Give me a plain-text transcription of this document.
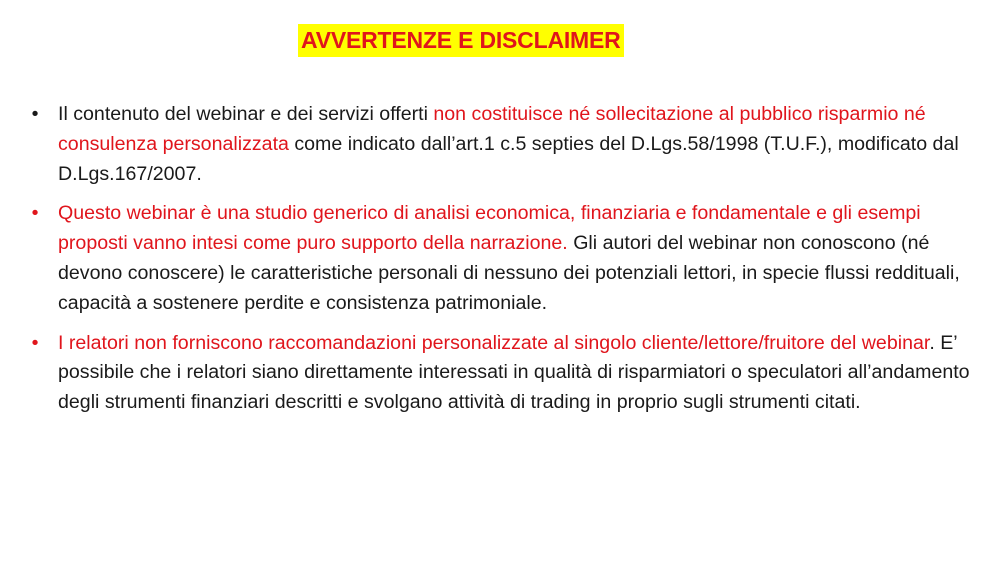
AVVERTENZE E DISCLAIMER
• Il contenuto del webinar e dei servizi offerti non costituisce né sollecitazione al pubblico risparmio né consulenza personalizzata come indicato dall’art.1 c.5 septies del D.Lgs.58/1998 (T.U.F.), modificato dal D.Lgs.167/2007.
• Questo webinar è una studio generico di analisi economica, finanziaria e fondamentale e gli esempi proposti vanno intesi come puro supporto della narrazione. Gli autori del webinar non conoscono (né devono conoscere) le caratteristiche personali di nessuno dei potenziali lettori, in specie flussi reddituali, capacità a sostenere perdite e consistenza patrimoniale.
• I relatori non forniscono raccomandazioni personalizzate al singolo cliente/lettore/fruitore del webinar. E’ possibile che i relatori siano direttamente interessati in qualità di risparmiatori o speculatori all’andamento degli strumenti finanziari descritti e svolgano attività di trading in proprio sugli strumenti citati.
